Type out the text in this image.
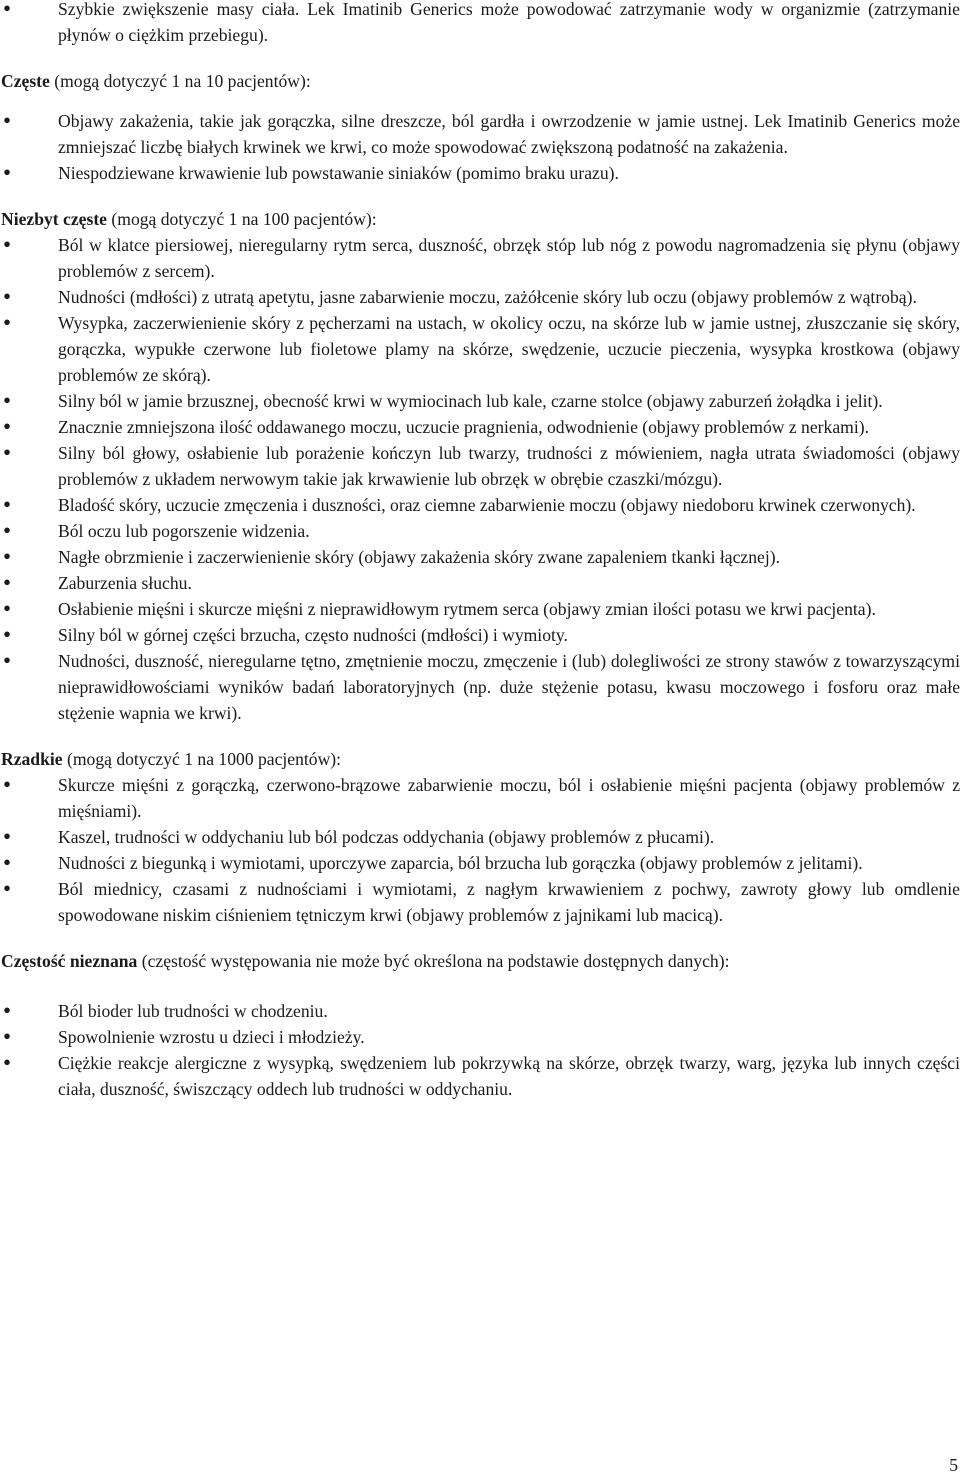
• Szybkie zwiększenie masy ciała. Lek Imatinib Generics może powodować zatrzymanie wody w organizmie (zatrzymanie płynów o ciężkim przebiegu).

Częste (mogą dotyczyć 1 na 10 pacjentów):

• Objawy zakażenia, takie jak gorączka, silne dreszcze, ból gardła i owrzodzenie w jamie ustnej. Lek Imatinib Generics może zmniejszać liczbę białych krwinek we krwi, co może spowodować zwiększoną podatność na zakażenia.
• Niespodziewane krwawienie lub powstawanie siniaków (pomimo braku urazu).

Niezbyt częste (mogą dotyczyć 1 na 100 pacjentów):

• Ból w klatce piersiowej, nieregularny rytm serca, duszność, obrzęk stóp lub nóg z powodu nagromadzenia się płynu (objawy problemów z sercem).
• Nudności (mdłości) z utratą apetytu, jasne zabarwienie moczu, zażółcenie skóry lub oczu (objawy problemów z wątrobą).
• Wysypka, zaczerwienienie skóry z pęcherzami na ustach, w okolicy oczu, na skórze lub w jamie ustnej, złuszczanie się skóry, gorączka, wypukłe czerwone lub fioletowe plamy na skórze, swędzenie, uczucie pieczenia, wysypka krostkowa (objawy problemów ze skórą).
• Silny ból w jamie brzusznej, obecność krwi w wymiocinach lub kale, czarne stolce (objawy zaburzeń żołądka i jelit).
• Znacznie zmniejszona ilość oddawanego moczu, uczucie pragnienia, odwodnienie (objawy problemów z nerkami).
• Silny ból głowy, osłabienie lub porażenie kończyn lub twarzy, trudności z mówieniem, nagła utrata świadomości (objawy problemów z układem nerwowym takie jak krwawienie lub obrzęk w obrębie czaszki/mózgu).
• Bladość skóry, uczucie zmęczenia i duszności, oraz ciemne zabarwienie moczu (objawy niedoboru krwinek czerwonych).
• Ból oczu lub pogorszenie widzenia.
• Nagłe obrzmienie i zaczerwienienie skóry (objawy zakażenia skóry zwane zapaleniem tkanki łącznej).
• Zaburzenia słuchu.
• Osłabienie mięśni i skurcze mięśni z nieprawidłowym rytmem serca (objawy zmian ilości potasu we krwi pacjenta).
• Silny ból w górnej części brzucha, często nudności (mdłości) i wymioty.
• Nudności, duszność, nieregularne tętno, zmętnienie moczu, zmęczenie i (lub) dolegliwości ze strony stawów z towarzyszącymi nieprawidłowościami wyników badań laboratoryjnych (np. duże stężenie potasu, kwasu moczowego i fosforu oraz małe stężenie wapnia we krwi).

Rzadkie (mogą dotyczyć 1 na 1000 pacjentów):

• Skurcze mięśni z gorączką, czerwono-brązowe zabarwienie moczu, ból i osłabienie mięśni pacjenta (objawy problemów z mięśniami).
• Kaszel, trudności w oddychaniu lub ból podczas oddychania (objawy problemów z płucami).
• Nudności z biegunką i wymiotami, uporczywe zaparcia, ból brzucha lub gorączka (objawy problemów z jelitami).
• Ból miednicy, czasami z nudnościami i wymiotami, z nagłym krwawieniem z pochwy, zawroty głowy lub omdlenie spowodowane niskim ciśnieniem tętniczym krwi (objawy problemów z jajnikami lub macicą).

Częstość nieznana (częstość występowania nie może być określona na podstawie dostępnych danych):

• Ból bioder lub trudności w chodzeniu.
• Spowolnienie wzrostu u dzieci i młodzieży.
• Ciężkie reakcje alergiczne z wysypką, swędzeniem lub pokrzywką na skórze, obrzęk twarzy, warg, języka lub innych części ciała, duszność, świszczący oddech lub trudności w oddychaniu.
5
